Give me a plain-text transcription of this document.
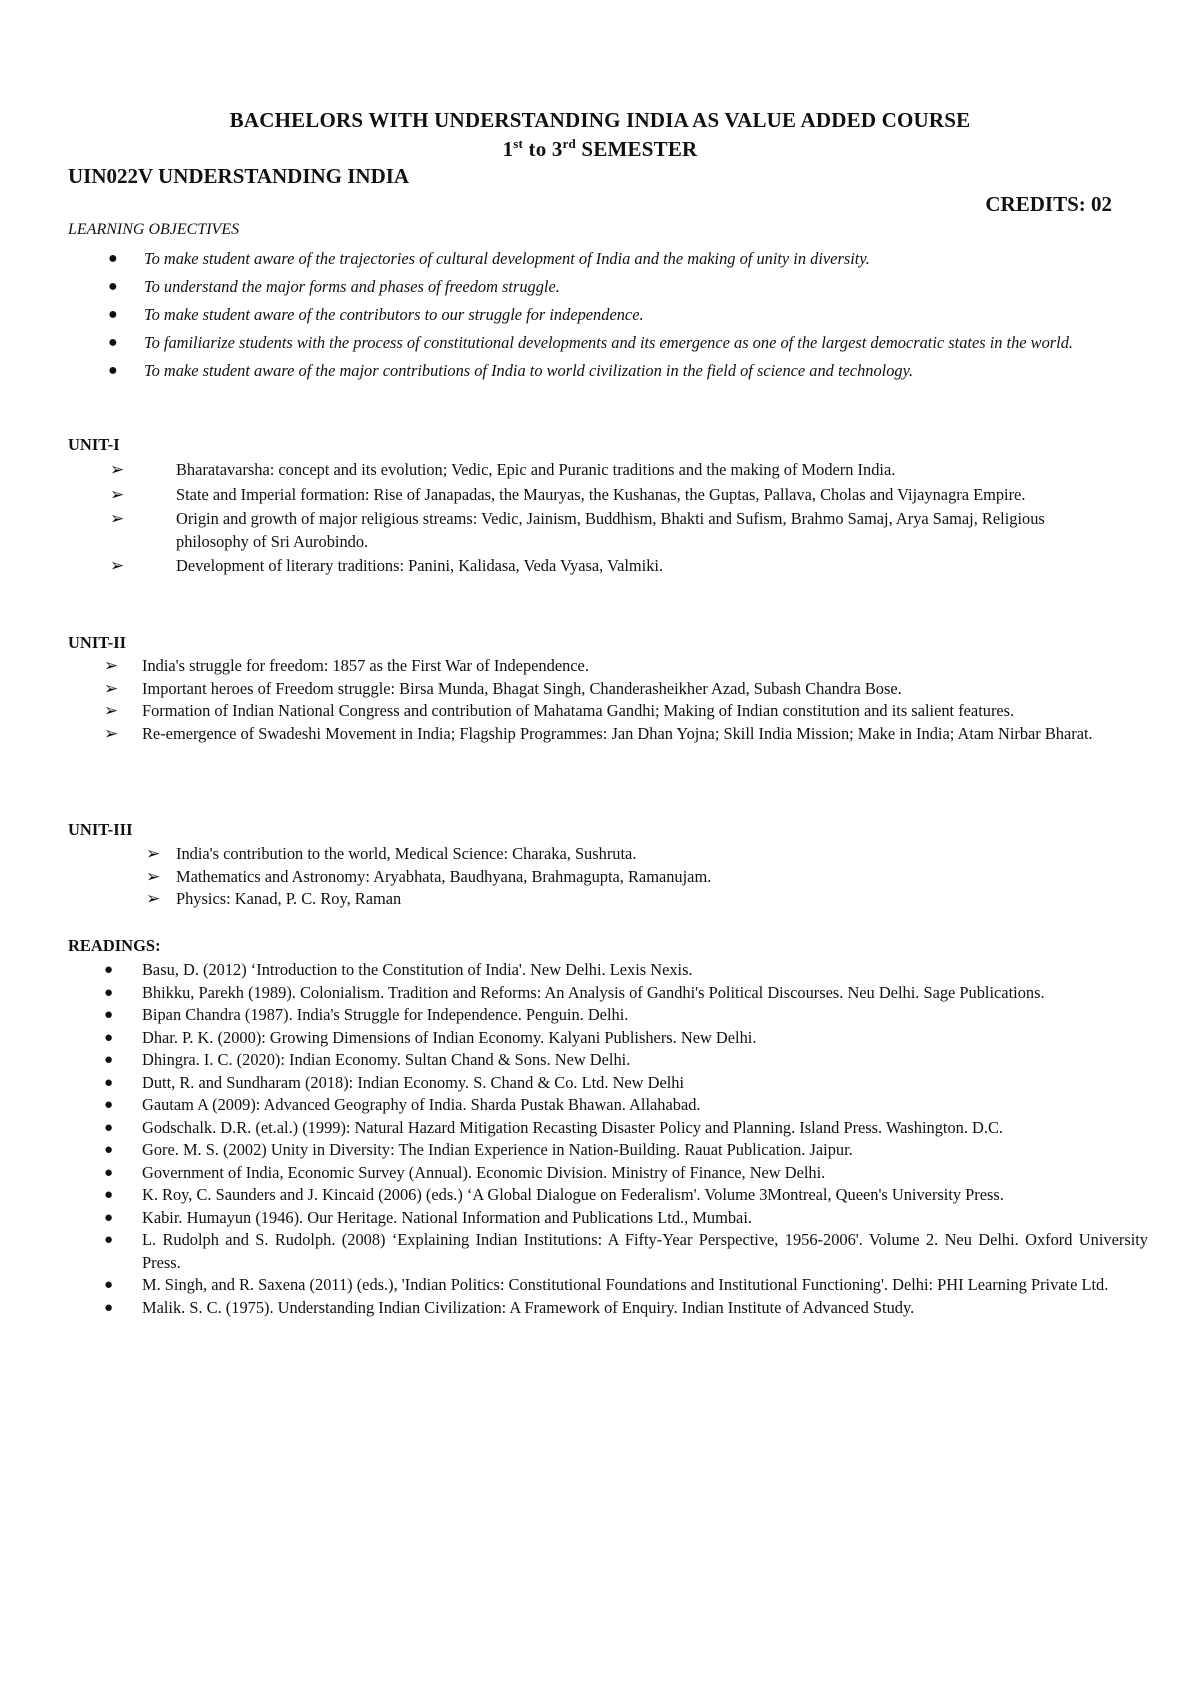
BACHELORS WITH UNDERSTANDING INDIA AS VALUE ADDED COURSE
1st to 3rd SEMESTER
UIN022V UNDERSTANDING INDIA
CREDITS: 02
LEARNING OBJECTIVES
● To make student aware of the trajectories of cultural development of India and the making of unity in diversity.
● To understand the major forms and phases of freedom struggle.
● To make student aware of the contributors to our struggle for independence.
● To familiarize students with the process of constitutional developments and its emergence as one of the largest democratic states in the world.
● To make student aware of the major contributions of India to world civilization in the field of science and technology.
UNIT-I
➢	Bharatavarsha: concept and its evolution; Vedic, Epic and Puranic traditions and the making of Modern India.
➢	State and Imperial formation: Rise of Janapadas, the Mauryas, the Kushanas, the Guptas, Pallava, Cholas and Vijaynagra Empire.
➢	Origin and growth of major religious streams: Vedic, Jainism, Buddhism, Bhakti and Sufism, Brahmo Samaj, Arya Samaj, Religious philosophy of Sri Aurobindo.
➢	Development of literary traditions: Panini, Kalidasa, Veda Vyasa, Valmiki.
UNIT-II
➢ India's struggle for freedom: 1857 as the First War of Independence.
➢ Important heroes of Freedom struggle: Birsa Munda, Bhagat Singh, Chanderasheikher Azad, Subash Chandra Bose.
➢ Formation of Indian National Congress and contribution of Mahatama Gandhi; Making of Indian constitution and its salient features.
➢ Re-emergence of Swadeshi Movement in India; Flagship Programmes: Jan Dhan Yojna; Skill India Mission; Make in India; Atam Nirbar Bharat.
UNIT-III
➢ India's contribution to the world, Medical Science: Charaka, Sushruta.
➢ Mathematics and Astronomy: Aryabhata, Baudhyana, Brahmagupta, Ramanujam.
➢ Physics: Kanad, P. C. Roy, Raman
READINGS:
● Basu, D. (2012) ‘Introduction to the Constitution of India'. New Delhi. Lexis Nexis.
● Bhikku, Parekh (1989). Colonialism. Tradition and Reforms: An Analysis of Gandhi's Political Discourses. Neu Delhi. Sage Publications.
● Bipan Chandra (1987). India's Struggle for Independence. Penguin. Delhi.
● Dhar. P. K. (2000): Growing Dimensions of Indian Economy. Kalyani Publishers. New Delhi.
● Dhingra. I. C. (2020): Indian Economy. Sultan Chand & Sons. New Delhi.
● Dutt, R. and Sundharam (2018): Indian Economy. S. Chand & Co. Ltd. New Delhi
● Gautam A (2009): Advanced Geography of India. Sharda Pustak Bhawan. Allahabad.
● Godschalk. D.R. (et.al.) (1999): Natural Hazard Mitigation Recasting Disaster Policy and Planning. Island Press. Washington. D.C.
● Gore. M. S. (2002) Unity in Diversity: The Indian Experience in Nation-Building. Rauat Publication. Jaipur.
● Government of India, Economic Survey (Annual). Economic Division. Ministry of Finance, New Delhi.
● K. Roy, C. Saunders and J. Kincaid (2006) (eds.) ‘A Global Dialogue on Federalism'. Volume 3Montreal, Queen's University Press.
● Kabir. Humayun (1946). Our Heritage. National Information and Publications Ltd., Mumbai.
● L. Rudolph and S. Rudolph. (2008) ‘Explaining Indian Institutions: A Fifty-Year Perspective, 1956-2006'. Volume 2. Neu Delhi. Oxford University Press.
● M. Singh, and R. Saxena (2011) (eds.), 'Indian Politics: Constitutional Foundations and Institutional Functioning'. Delhi: PHI Learning Private Ltd.
● Malik. S. C. (1975). Understanding Indian Civilization: A Framework of Enquiry. Indian Institute of Advanced Study.
